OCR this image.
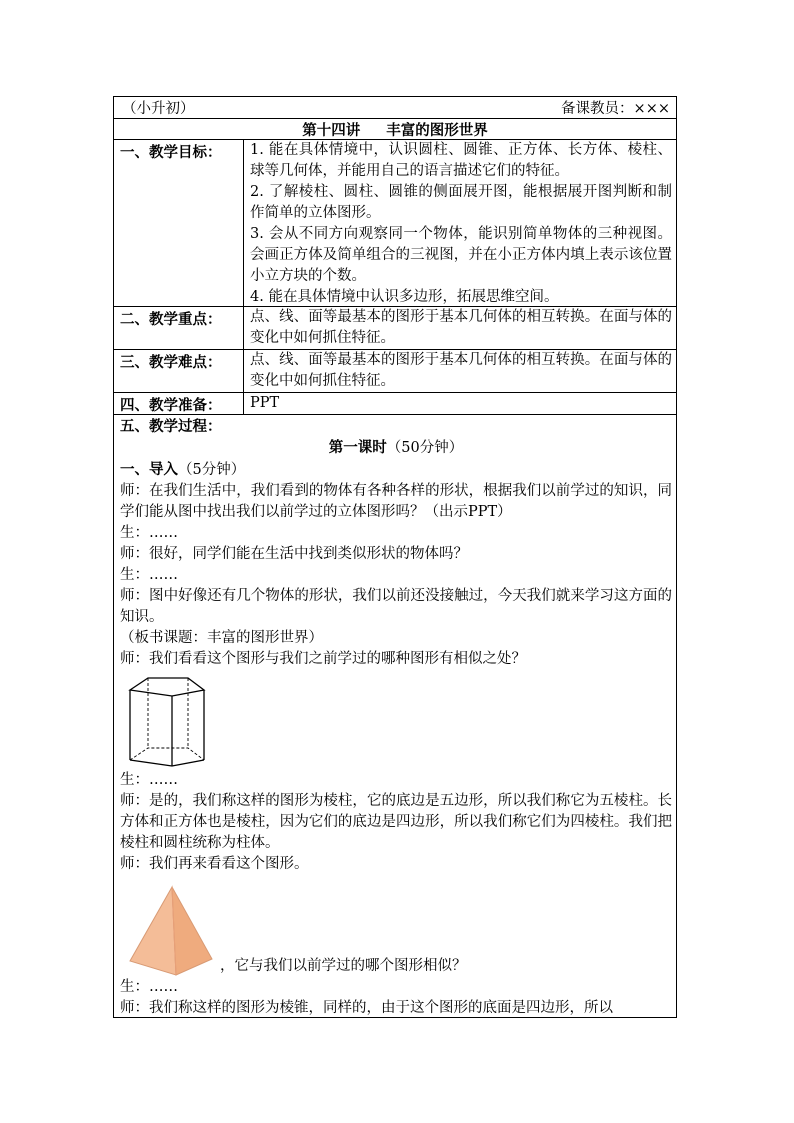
（小升初）	备课教员：×××
第十四讲 丰富的图形世界
一、教学目标：	1. 能在具体情境中，认识圆柱、圆锥、正方体、长方体、棱柱、球等几何体，并能用自己的语言描述它们的特征。
2. 了解棱柱、圆柱、圆锥的侧面展开图，能根据展开图判断和制作简单的立体图形。
3. 会从不同方向观察同一个物体，能识别简单物体的三种视图。会画正方体及简单组合的三视图，并在小正方体内填上表示该位置小立方块的个数。
4. 能在具体情境中认识多边形，拓展思维空间。
二、教学重点：	点、线、面等最基本的图形于基本几何体的相互转换。在面与体的变化中如何抓住特征。
三、教学难点：	点、线、面等最基本的图形于基本几何体的相互转换。在面与体的变化中如何抓住特征。
四、教学准备：	PPT

五、教学过程：

第一课时（50分钟）

一、导入（5分钟）

师：在我们生活中，我们看到的物体有各种各样的形状，根据我们以前学过的知识，同学们能从图中找出我们以前学过的立体图形吗？（出示PPT）

生：……

师：很好，同学们能在生活中找到类似形状的物体吗？

生：……

师：图中好像还有几个物体的形状，我们以前还没接触过，今天我们就来学习这方面的知识。

（板书课题：丰富的图形世界）

师：我们看看这个图形与我们之前学过的哪种图形有相似之处？

生：……

师：是的，我们称这样的图形为棱柱，它的底边是五边形，所以我们称它为五棱柱。长方体和正方体也是棱柱，因为它们的底边是四边形，所以我们称它们为四棱柱。我们把棱柱和圆柱统称为柱体。

师：我们再来看看这个图形。

，它与我们以前学过的哪个图形相似？

生：……

师：我们称这样的图形为棱锥，同样的，由于这个图形的底面是四边形，所以
